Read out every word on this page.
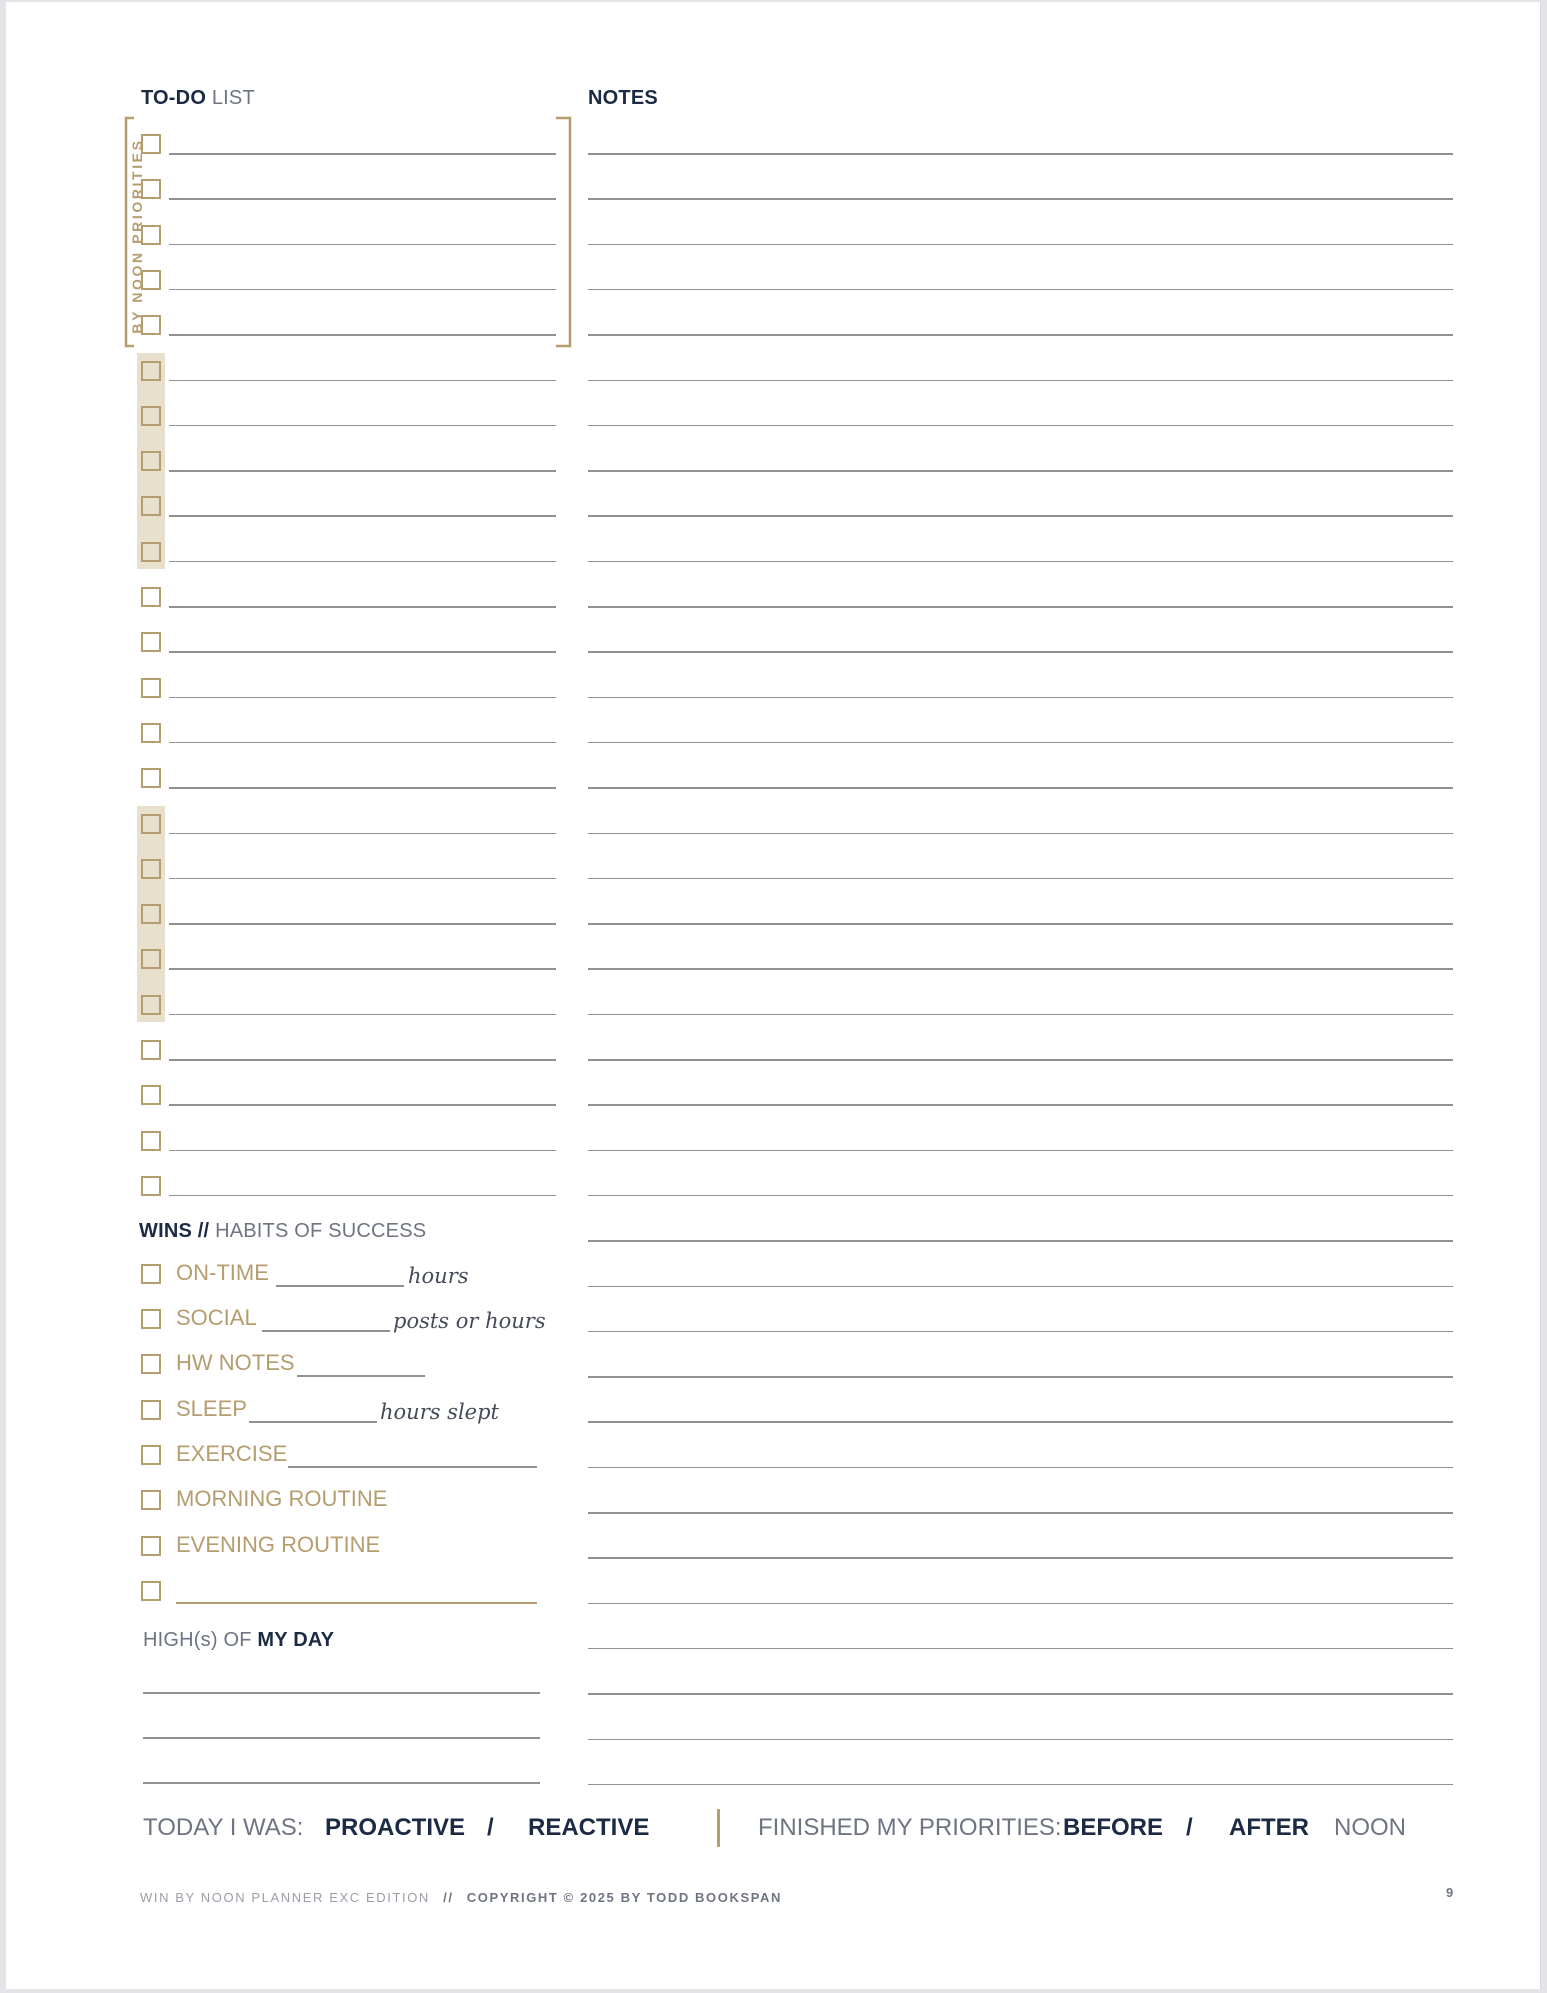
TO-DO LIST	NOTES
BY NOON PRIORITIES
WINS // HABITS OF SUCCESS
ON-TIME	hours
SOCIAL	posts or hours
HW NOTES
SLEEP	hours slept
EXERCISE
MORNING ROUTINE
EVENING ROUTINE
HIGH(s) OF MY DAY
TODAY I WAS: PROACTIVE / REACTIVE	FINISHED MY PRIORITIES: BEFORE / AFTER NOON
WIN BY NOON PLANNER EXC EDITION // COPYRIGHT © 2025 BY TODD BOOKSPAN	9
